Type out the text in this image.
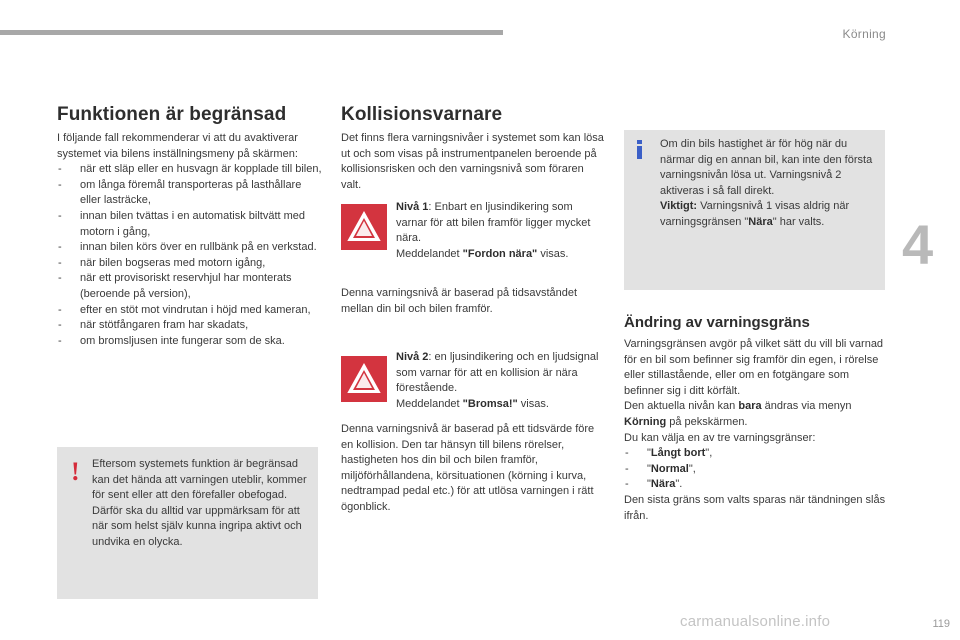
Körning
4
119
carmanualsonline.info
Funktionen är begränsad

I följande fall rekommenderar vi att du avaktiverar systemet via bilens inställningsmeny på skärmen:

- när ett släp eller en husvagn är kopplade till bilen,
- om långa föremål transporteras på lasthållare eller lasträcke,
- innan bilen tvättas i en automatisk biltvätt med motorn i gång,
- innan bilen körs över en rullbänk på en verkstad.
- när bilen bogseras med motorn igång,
- när ett provisoriskt reservhjul har monterats (beroende på version),
- efter en stöt mot vindrutan i höjd med kameran,
- när stötfångaren fram har skadats,
- om bromsljusen inte fungerar som de ska.
! Eftersom systemets funktion är begränsad kan det hända att varningen uteblir, kommer för sent eller att den förefaller obefogad.

Därför ska du alltid var uppmärksam för att när som helst själv kunna ingripa aktivt och undvika en olycka.

Kollisionsvarnare
Det finns flera varningsnivåer i systemet som kan lösa ut och som visas på instrumentpanelen beroende på kollisionsrisken och den varningsnivå som föraren valt.
Nivå 1: Enbart en ljusindikering som varnar för att bilen framför ligger mycket nära.
Meddelandet "Fordon nära" visas.
Denna varningsnivå är baserad på tidsavståndet mellan din bil och bilen framför.
Nivå 2: en ljusindikering och en ljudsignal som varnar för att en kollision är nära förestående.
Meddelandet "Bromsa!" visas.
Denna varningsnivå är baserad på ett tidsvärde före en kollision. Den tar hänsyn till bilens rörelser, hastigheten hos din bil och bilen framför, miljöförhållandena, körsituationen (körning i kurva, nedtrampad pedal etc.) för att utlösa varningen i rätt ögonblick.

Om din bils hastighet är för hög när du närmar dig en annan bil, kan inte den första varningsnivån lösa ut. Varningsnivå 2 aktiveras i så fall direkt.

Viktigt: Varningsnivå 1 visas aldrig när varningsgränsen "Nära" har valts.

Ändring av varningsgräns

Varningsgränsen avgör på vilket sätt du vill bli varnad för en bil som befinner sig framför din egen, i rörelse eller stillastående, eller om en fotgängare som befinner sig i ditt körfält.

Den aktuella nivån kan bara ändras via menyn Körning på pekskärmen.

Du kan välja en av tre varningsgränser:

- "Långt bort",
- "Normal",
- "Nära".

Den sista gräns som valts sparas när tändningen slås ifrån.
